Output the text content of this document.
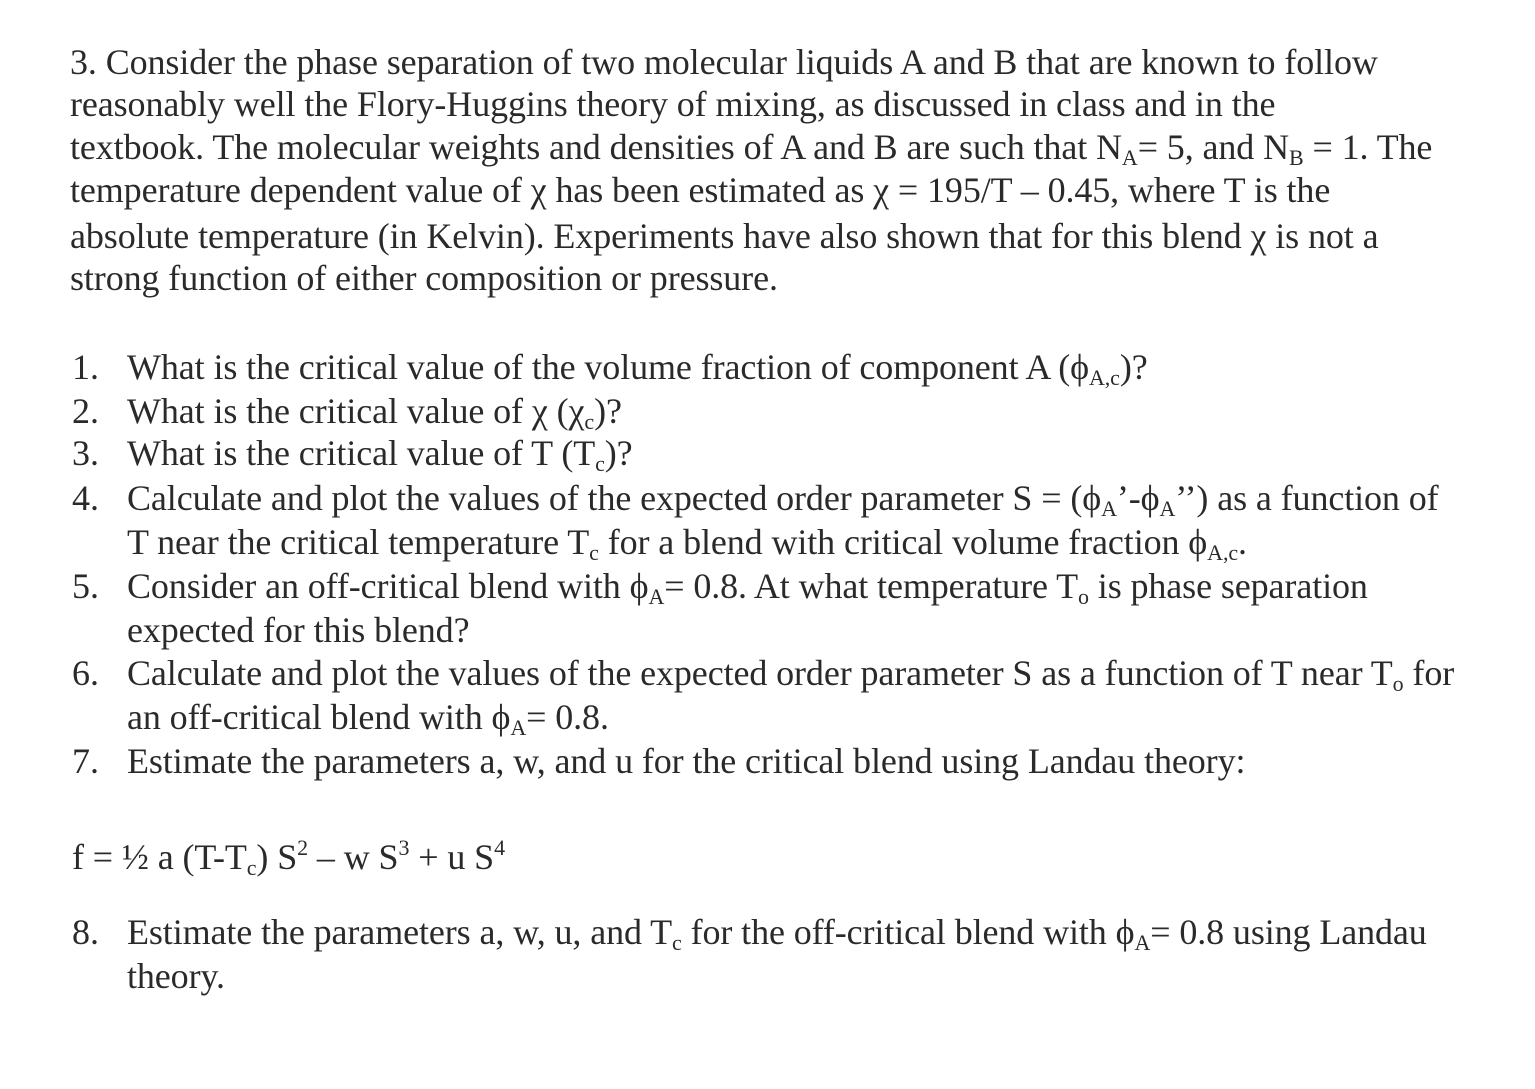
3. Consider the phase separation of two molecular liquids A and B that are known to follow
reasonably well the Flory-Huggins theory of mixing, as discussed in class and in the
textbook. The molecular weights and densities of A and B are such that NA= 5, and NB = 1. The
temperature dependent value of χ has been estimated as χ = 195/T – 0.45, where T is the
absolute temperature (in Kelvin). Experiments have also shown that for this blend χ is not a
strong function of either composition or pressure.
1. What is the critical value of the volume fraction of component A (ϕA,c)?
2. What is the critical value of χ (χc)?
3. What is the critical value of T (Tc)?
4. Calculate and plot the values of the expected order parameter S = (ϕA’-ϕA’’) as a function of
T near the critical temperature Tc for a blend with critical volume fraction ϕA,c.
5. Consider an off-critical blend with ϕA= 0.8. At what temperature To is phase separation
expected for this blend?
6. Calculate and plot the values of the expected order parameter S as a function of T near To for
an off-critical blend with ϕA= 0.8.
7. Estimate the parameters a, w, and u for the critical blend using Landau theory:
f = ½ a (T-Tc) $S^2$ – w $S^3 + u$ $S^4$
8. Estimate the parameters a, w, u, and Tc for the off-critical blend with ϕA= 0.8 using Landau
theory.
